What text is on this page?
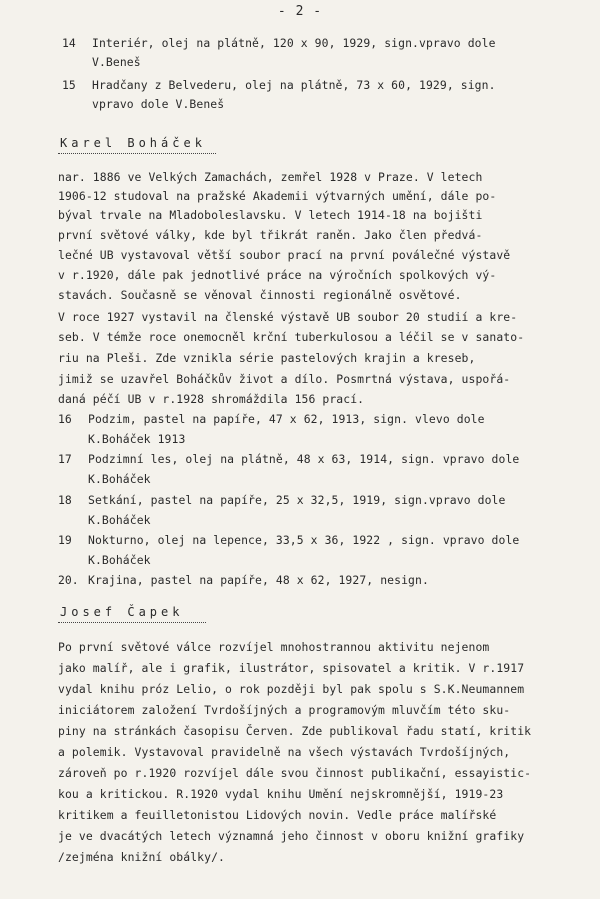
- 2 -
14 Interiér, olej na plátně, 120 x 90, 1929, sign.vpravo dole
V.Beneš
15 Hradčany z Belvederu, olej na plátně, 73 x 60, 1929, sign.
vpravo dole V.Beneš
Karel Boháček
nar. 1886 ve Velkých Zamachách, zemřel 1928 v Praze. V letech
1906-12 studoval na pražské Akademii výtvarných umění, dále po-
býval trvale na Mladoboleslavsku. V letech 1914-18 na bojišti
první světové války, kde byl třikrát raněn. Jako člen předvá-
lečné UB vystavoval větší soubor prací na první poválečné výstavě
v r.1920, dále pak jednotlivé práce na výročních spolkových vý-
stavách. Současně se věnoval činnosti regionálně osvětové.
V roce 1927 vystavil na členské výstavě UB soubor 20 studií a kre-
seb. V témže roce onemocněl krční tuberkulosou a léčil se v sanato-
riu na Pleši. Zde vznikla série pastelových krajin a kreseb,
jimiž se uzavřel Boháčkův život a dílo. Posmrtná výstava, uspořá-
daná péčí UB v r.1928 shromáždila 156 prací.
16 Podzim, pastel na papíře, 47 x 62, 1913, sign. vlevo dole
K.Boháček 1913
17 Podzimní les, olej na plátně, 48 x 63, 1914, sign. vpravo dole
K.Boháček
18 Setkání, pastel na papíře, 25 x 32,5, 1919, sign.vpravo dole
K.Boháček
19 Nokturno, olej na lepence, 33,5 x 36, 1922 , sign. vpravo dole
K.Boháček
20. Krajina, pastel na papíře, 48 x 62, 1927, nesign.
Josef Čapek
Po první světové válce rozvíjel mnohostrannou aktivitu nejenom
jako malíř, ale i grafik, ilustrátor, spisovatel a kritik. V r.1917
vydal knihu próz Lelio, o rok později byl pak spolu s S.K.Neumannem
iniciátorem založení Tvrdošíjných a programovým mluvčím této sku-
piny na stránkách časopisu Červen. Zde publikoval řadu statí, kritik
a polemik. Vystavoval pravidelně na všech výstavách Tvrdošíjných,
zároveň po r.1920 rozvíjel dále svou činnost publikační, essayistic-
kou a kritickou. R.1920 vydal knihu Umění nejskromnější, 1919-23
kritikem a feuilletonistou Lidových novin. Vedle práce malířské
je ve dvacátých letech významná jeho činnost v oboru knižní grafiky
/zejména knižní obálky/.
